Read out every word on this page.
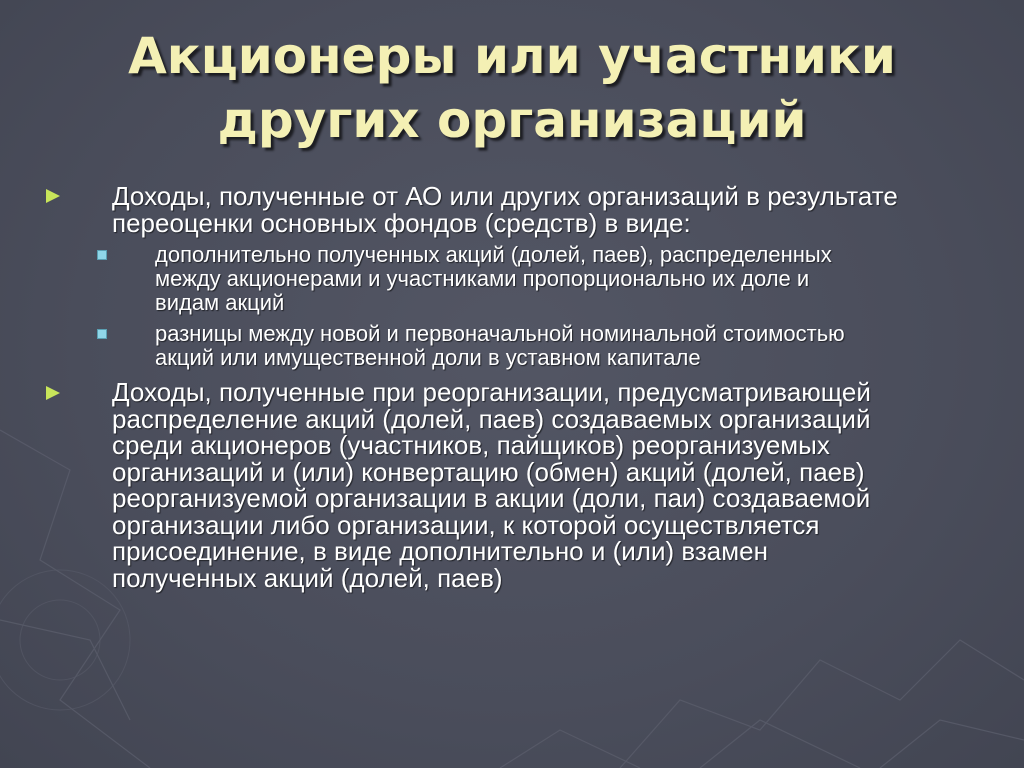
Акционеры или участники
других организаций
Доходы, полученные от АО или других организаций в результате
переоценки основных фондов (средств) в виде:
дополнительно полученных акций (долей, паев), распределенных
между акционерами и участниками пропорционально их доле и
видам акций
разницы между новой и первоначальной номинальной стоимостью
акций или имущественной доли в уставном капитале
Доходы, полученные при реорганизации, предусматривающей
распределение акций (долей, паев) создаваемых организаций
среди акционеров (участников, пайщиков) реорганизуемых
организаций и (или) конвертацию (обмен) акций (долей, паев)
реорганизуемой организации в акции (доли, паи) создаваемой
организации либо организации, к которой осуществляется
присоединение, в виде дополнительно и (или) взамен
полученных акций (долей, паев)
